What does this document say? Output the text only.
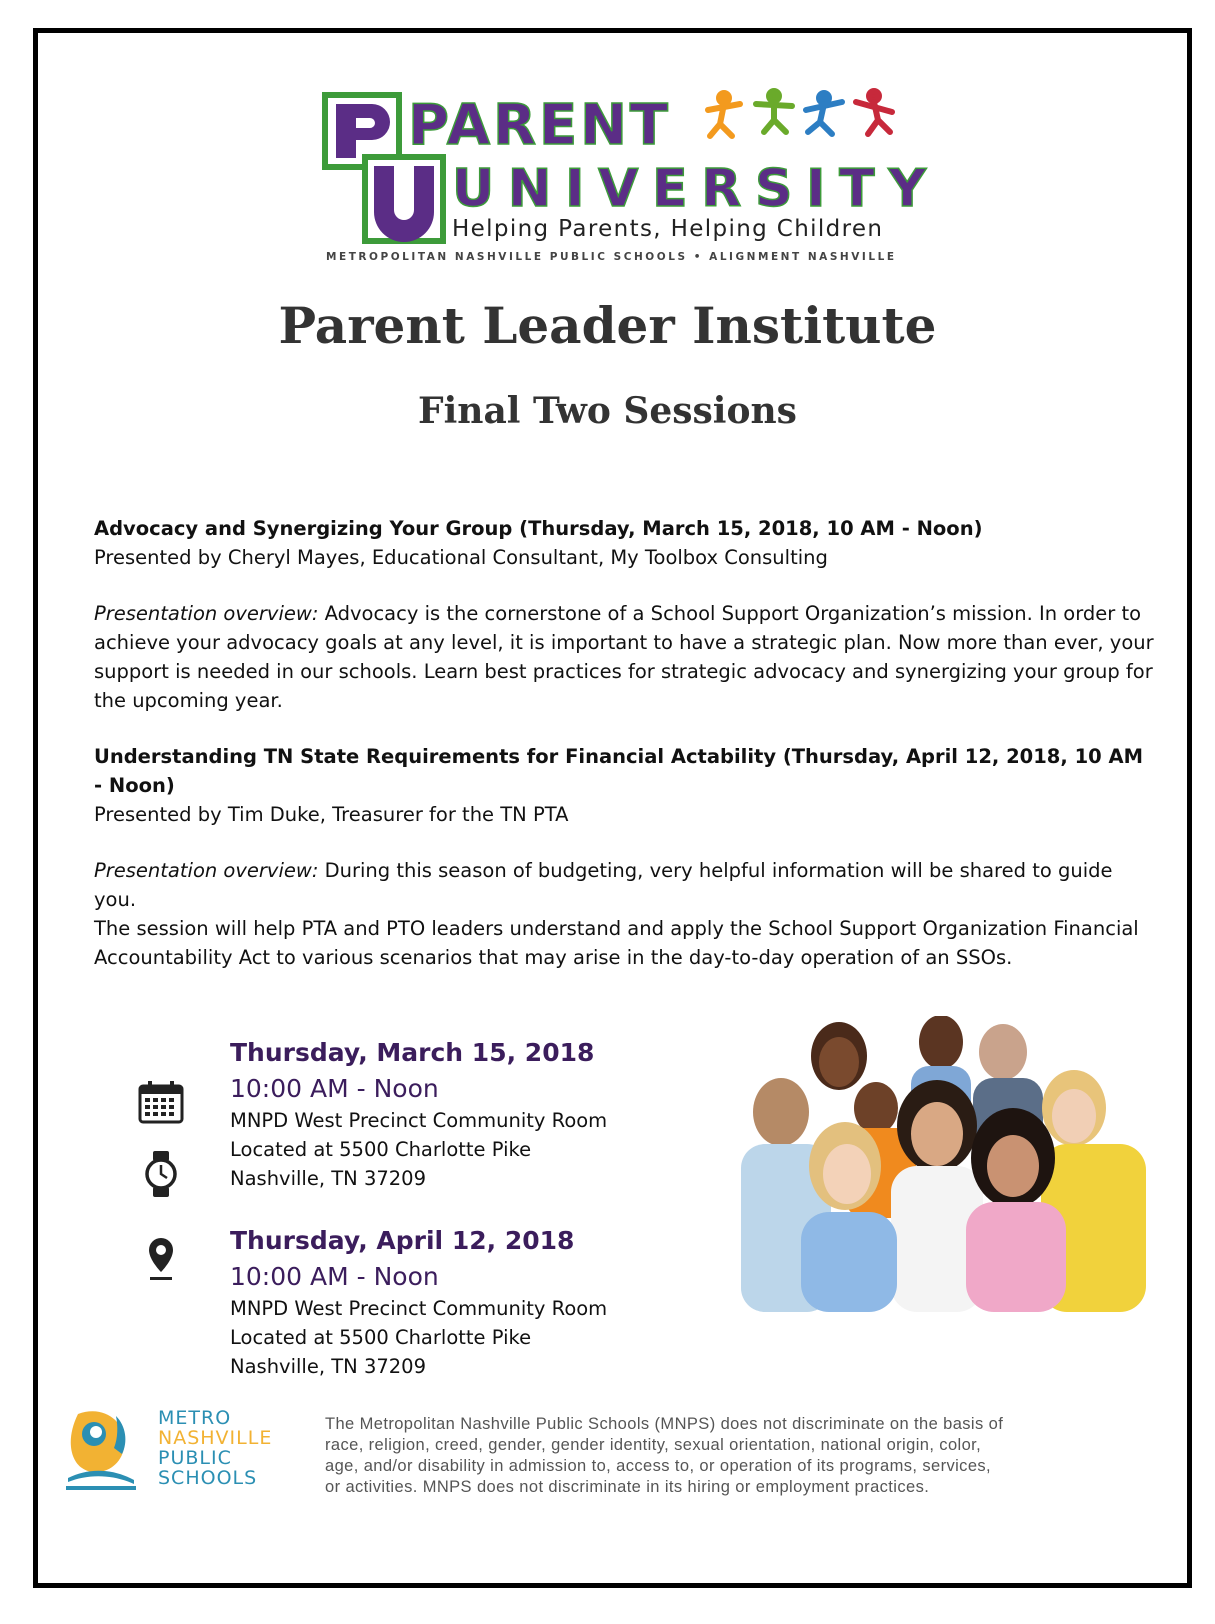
PARENT
UNIVERSITY
Helping Parents, Helping Children
METROPOLITAN NASHVILLE PUBLIC SCHOOLS • ALIGNMENT NASHVILLE
Parent Leader Institute
Final Two Sessions

Advocacy and Synergizing Your Group (Thursday, March 15, 2018, 10 AM - Noon)

Presented by Cheryl Mayes, Educational Consultant, My Toolbox Consulting

Presentation overview: Advocacy is the cornerstone of a School Support Organization’s mission. In order to

achieve your advocacy goals at any level, it is important to have a strategic plan. Now more than ever, your

support is needed in our schools. Learn best practices for strategic advocacy and synergizing your group for

the upcoming year.

Understanding TN State Requirements for Financial Actability (Thursday, April 12, 2018, 10 AM - Noon)

Presented by Tim Duke, Treasurer for the TN PTA

Presentation overview: During this season of budgeting, very helpful information will be shared to guide you.

The session will help PTA and PTO leaders understand and apply the School Support Organization Financial

Accountability Act to various scenarios that may arise in the day-to-day operation of an SSOs.

Thursday, March 15, 2018
10:00 AM - Noon
MNPD West Precinct Community Room
Located at 5500 Charlotte Pike
Nashville, TN 37209
Thursday, April 12, 2018
10:00 AM - Noon
MNPD West Precinct Community Room
Located at 5500 Charlotte Pike
Nashville, TN 37209
METRO
NASHVILLE
PUBLIC
SCHOOLS
The Metropolitan Nashville Public Schools (MNPS) does not discriminate on the basis of
race, religion, creed, gender, gender identity, sexual orientation, national origin, color,
age, and/or disability in admission to, access to, or operation of its programs, services,
or activities. MNPS does not discriminate in its hiring or employment practices.
